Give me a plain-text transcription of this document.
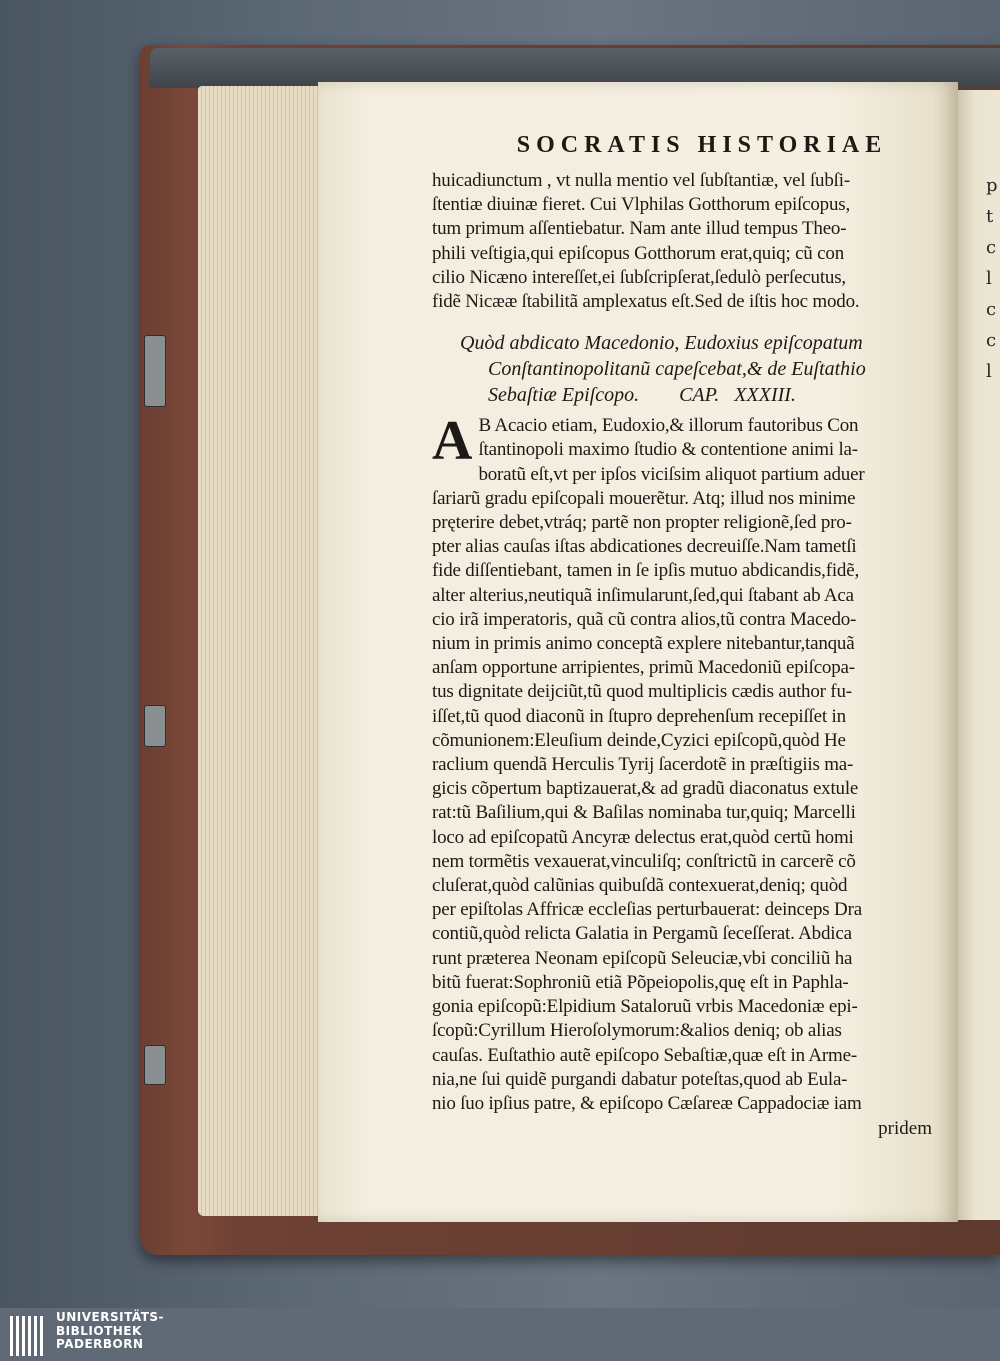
p
t
c
l
c
c
l

SOCRATIS HISTORIAE
huicadiunctum , vt nulla mentio vel ſubſtantiæ, vel ſubſi-
ſtentiæ diuinæ fieret. Cui Vlphilas Gotthorum epiſcopus,
tum primum aſſentiebatur. Nam ante illud tempus Theo-
phili veſtigia,qui epiſcopus Gotthorum erat,quiq; cũ con
cilio Nicæno intereſſet,ei ſubſcripſerat,ſedulò perſecutus,
fidẽ Nicææ ſtabilitã amplexatus eſt.Sed de iſtis hoc modo.
Quòd abdicato Macedonio, Eudoxius epiſcopatum
Conſtantinopolitanũ capeſcebat,& de Euſtathio
Sebaſtiæ Epiſcopo.        CAP.   XXXIII.
A B Acacio etiam, Eudoxio,& illorum fautoribus Con
ſtantinopoli maximo ſtudio & contentione animi la-
boratũ eſt,vt per ipſos viciſsim aliquot partium aduer
ſariarũ gradu epiſcopali mouerẽtur. Atq; illud nos minime
pręterire debet,vtráq; partẽ non propter religionẽ,ſed pro-
pter alias cauſas iſtas abdicationes decreuiſſe.Nam tametſi
fide diſſentiebant, tamen in ſe ipſis mutuo abdicandis,fidẽ,
alter alterius,neutiquã inſimularunt,ſed,qui ſtabant ab Aca
cio irã imperatoris, quã cũ contra alios,tũ contra Macedo-
nium in primis animo conceptã explere nitebantur,tanquã
anſam opportune arripientes, primũ Macedoniũ epiſcopa-
tus dignitate deijciũt,tũ quod multiplicis cædis author fu-
iſſet,tũ quod diaconũ in ſtupro deprehenſum recepiſſet in
cõmunionem:Eleuſium deinde,Cyzici epiſcopũ,quòd He
raclium quendã Herculis Tyrij ſacerdotẽ in præſtigiis ma-
gicis cõpertum baptizauerat,& ad gradũ diaconatus extule
rat:tũ Baſilium,qui & Baſilas nominaba tur,quiq; Marcelli
loco ad epiſcopatũ Ancyræ delectus erat,quòd certũ homi
nem tormẽtis vexauerat,vinculiſq; conſtrictũ in carcerẽ cõ
cluſerat,quòd calũnias quibuſdã contexuerat,deniq; quòd
per epiſtolas Affricæ eccleſias perturbauerat: deinceps Dra
contiũ,quòd relicta Galatia in Pergamũ ſeceſſerat. Abdica
runt præterea Neonam epiſcopũ Seleuciæ,vbi conciliũ ha
bitũ fuerat:Sophroniũ etiã Põpeiopolis,quę eſt in Paphla-
gonia epiſcopũ:Elpidium Sataloruũ vrbis Macedoniæ epi-
ſcopũ:Cyrillum Hieroſolymorum:&alios deniq; ob alias
cauſas. Euſtathio autẽ epiſcopo Sebaſtiæ,quæ eſt in Arme-
nia,ne ſui quidẽ purgandi dabatur poteſtas,quod ab Eula-
nio ſuo ipſius patre, & epiſcopo Cæſareæ Cappadociæ iam
pridem
UNIVERSITÄTS-
BIBLIOTHEK
PADERBORN
